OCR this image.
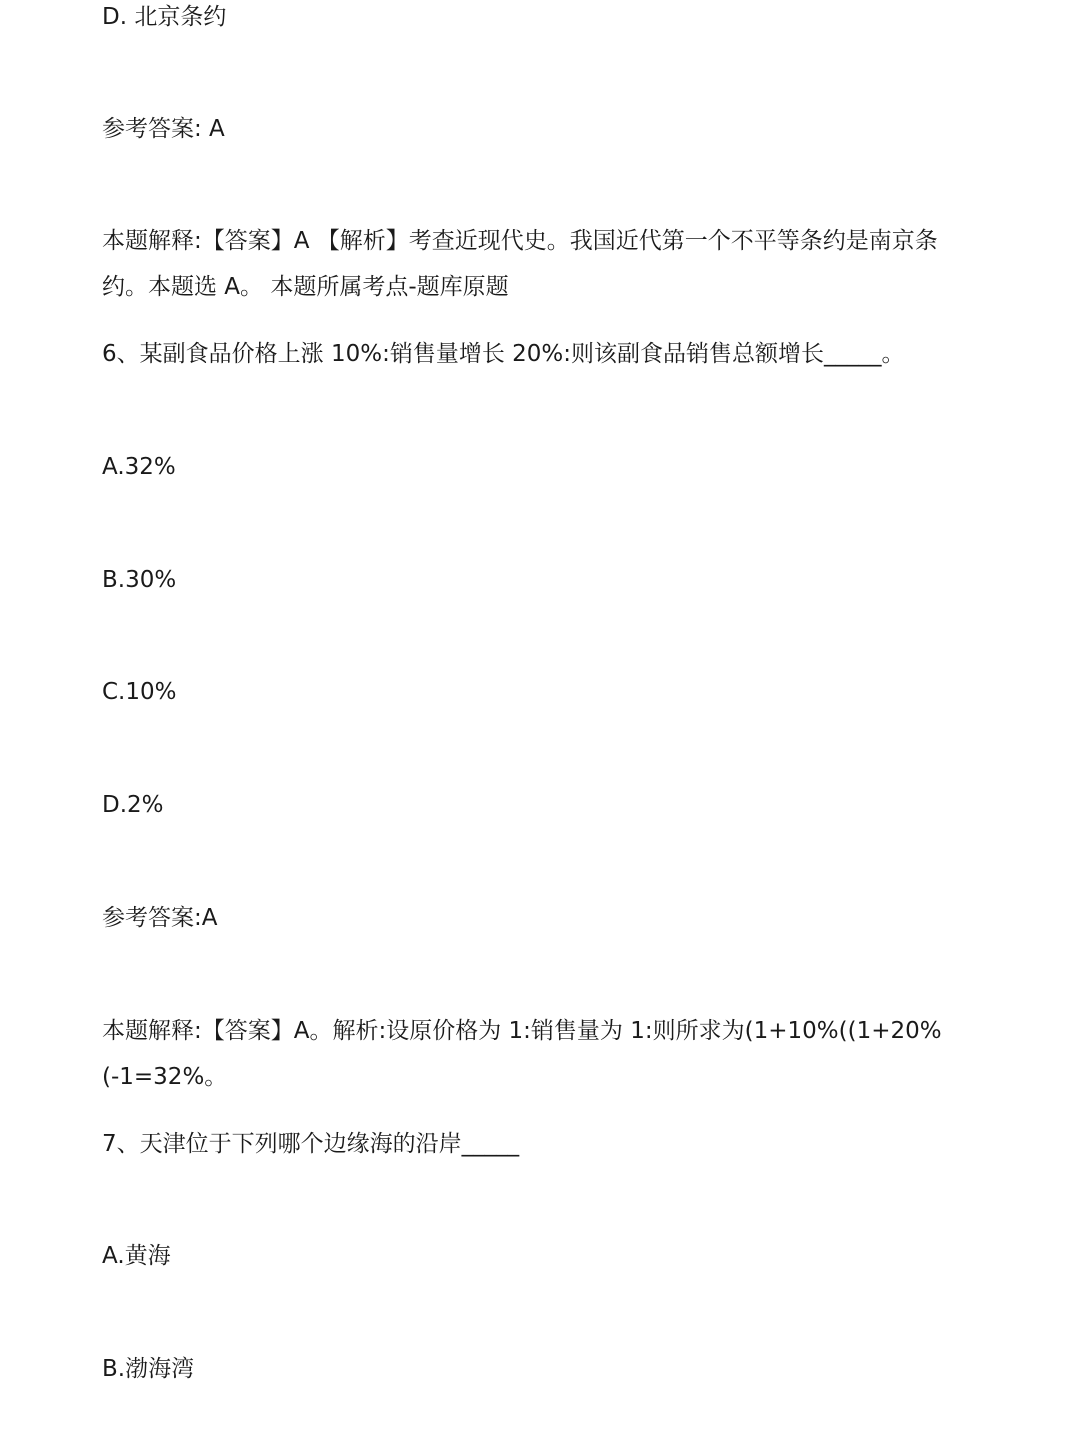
D. 北京条约
参考答案: A
本题解释:【答案】A 【解析】考查近现代史。我国近代第一个不平等条约是南京条约。本题选 A。 本题所属考点-题库原题
6、某副食品价格上涨 10%:销售量增长 20%:则该副食品销售总额增长_____。
A.32%
B.30%
C.10%
D.2%
参考答案:A
本题解释:【答案】A。解析:设原价格为 1:销售量为 1:则所求为(1+10%((1+20%(-1=32%。
7、天津位于下列哪个边缘海的沿岸_____
A.黄海
B.渤海湾
